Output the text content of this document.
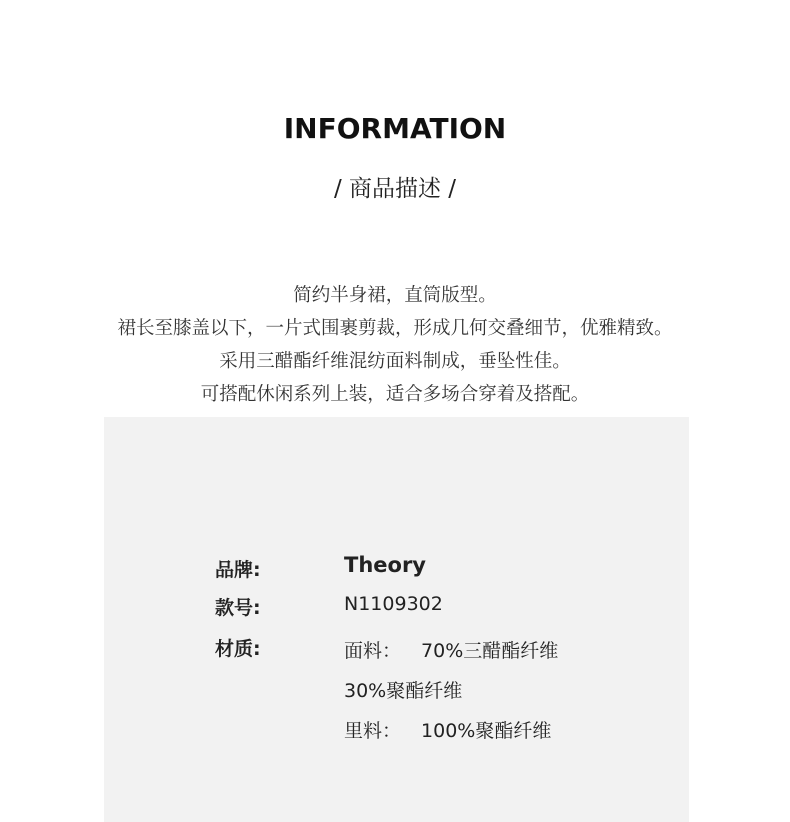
INFORMATION
/ 商品描述 /
简约半身裙，直筒版型。
裙长至膝盖以下，一片式围裹剪裁，形成几何交叠细节，优雅精致。
采用三醋酯纤维混纺面料制成，垂坠性佳。
可搭配休闲系列上装，适合多场合穿着及搭配。
品牌:	Theory
款号:	N1109302
材质:	面料： 70%三醋酯纤维
30%聚酯纤维
里料： 100%聚酯纤维
